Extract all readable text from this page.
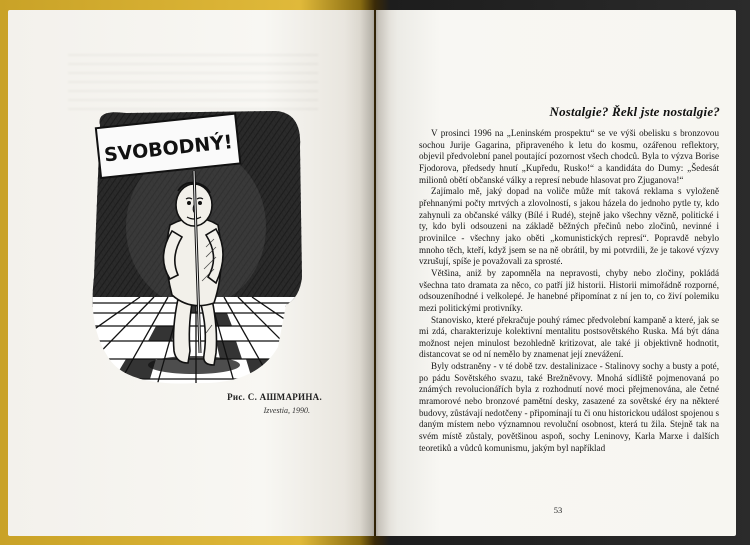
SVOBODNÝ!
Рис. С. АШМАРИНА.
Izvestia, 1990.
Nostalgie? Řekl jste nostalgie?

V prosinci 1996 na „Leninském prospektu“ se ve výši obelisku s bronzovou sochou Jurije Gagarina, připraveného k letu do kosmu, ozářenou reflektory, objevil předvolební panel poutající pozornost všech chodců. Byla to výzva Borise Fjodorova, předsedy hnutí „Kupředu, Rusko!“ a kandidáta do Dumy: „Šedesát milionů obětí občanské války a represí nebude hlasovat pro Zjuganova!“

Zajímalo mě, jaký dopad na voliče může mít taková reklama s vyloženě přehnanými počty mrtvých a zlovolností, s jakou házela do jednoho pytle ty, kdo zahynuli za občanské války (Bílé i Rudé), stejně jako všechny vězně, politické i ty, kdo byli odsouzeni na základě běžných přečinů nebo zločinů, nevinné i provinilce - všechny jako oběti „komunistických represí“. Popravdě nebylo mnoho těch, kteří, když jsem se na ně obrátil, by mi potvrdili, že je takové výzvy vzrušují, spíše je považovali za sprosté.

Většina, aniž by zapomněla na nepravosti, chyby nebo zločiny, pokládá všechna tato dramata za něco, co patří již historii. Historii mimořádně rozporné, odsouzeníhodné i velkolepé. Je hanebné připomínat z ní jen to, co živí polemiku mezi politickými protivníky.

Stanovisko, které překračuje pouhý rámec předvolební kampaně a které, jak se mi zdá, charakterizuje kolektivní mentalitu postsovětského Ruska. Má být dána možnost nejen minulost bezohledně kritizovat, ale také ji objektivně hodnotit, distancovat se od ní nemělo by znamenat její znevážení.

Byly odstraněny - v té době tzv. destalinizace - Stalinovy sochy a busty a poté, po pádu Sovětského svazu, také Brežněvovy. Mnohá sídliště pojmenovaná po známých revolucionářích byla z rozhodnutí nové moci přejmenována, ale četné mramorové nebo bronzové pamětní desky, zasazené za sovětské éry na některé budovy, zůstávají nedotčeny - připomínají tu či onu historickou událost spojenou s daným místem nebo významnou revoluční osobnost, která tu žila. Stejně tak na svém místě zůstaly, povětšinou aspoň, sochy Leninovy, Karla Marxe i dalších teoretiků a vůdců komunismu, jakým byl například

53
